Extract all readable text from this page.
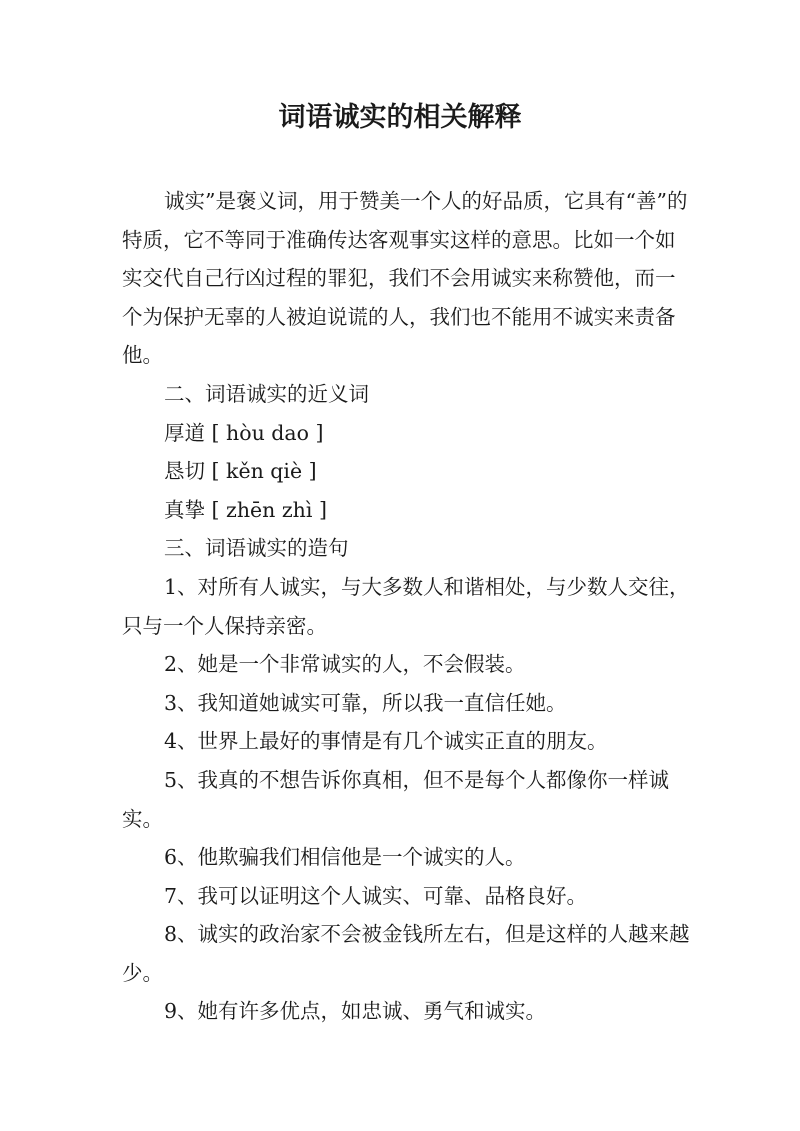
词语诚实的相关解释

诚实”是褒义词，用于赞美一个人的好品质，它具有“善”的特质，它不等同于准确传达客观事实这样的意思。比如一个如实交代自己行凶过程的罪犯，我们不会用诚实来称赞他，而一个为保护无辜的人被迫说谎的人，我们也不能用不诚实来责备他。

二、词语诚实的近义词

厚道 [ hòu dao ]

恳切 [ kěn qiè ]

真挚 [ zhēn zhì ]

三、词语诚实的造句

1、对所有人诚实，与大多数人和谐相处，与少数人交往，只与一个人保持亲密。

2、她是一个非常诚实的人，不会假装。

3、我知道她诚实可靠，所以我一直信任她。

4、世界上最好的事情是有几个诚实正直的朋友。

5、我真的不想告诉你真相，但不是每个人都像你一样诚实。

6、他欺骗我们相信他是一个诚实的人。

7、我可以证明这个人诚实、可靠、品格良好。

8、诚实的政治家不会被金钱所左右，但是这样的人越来越少。

9、她有许多优点，如忠诚、勇气和诚实。
